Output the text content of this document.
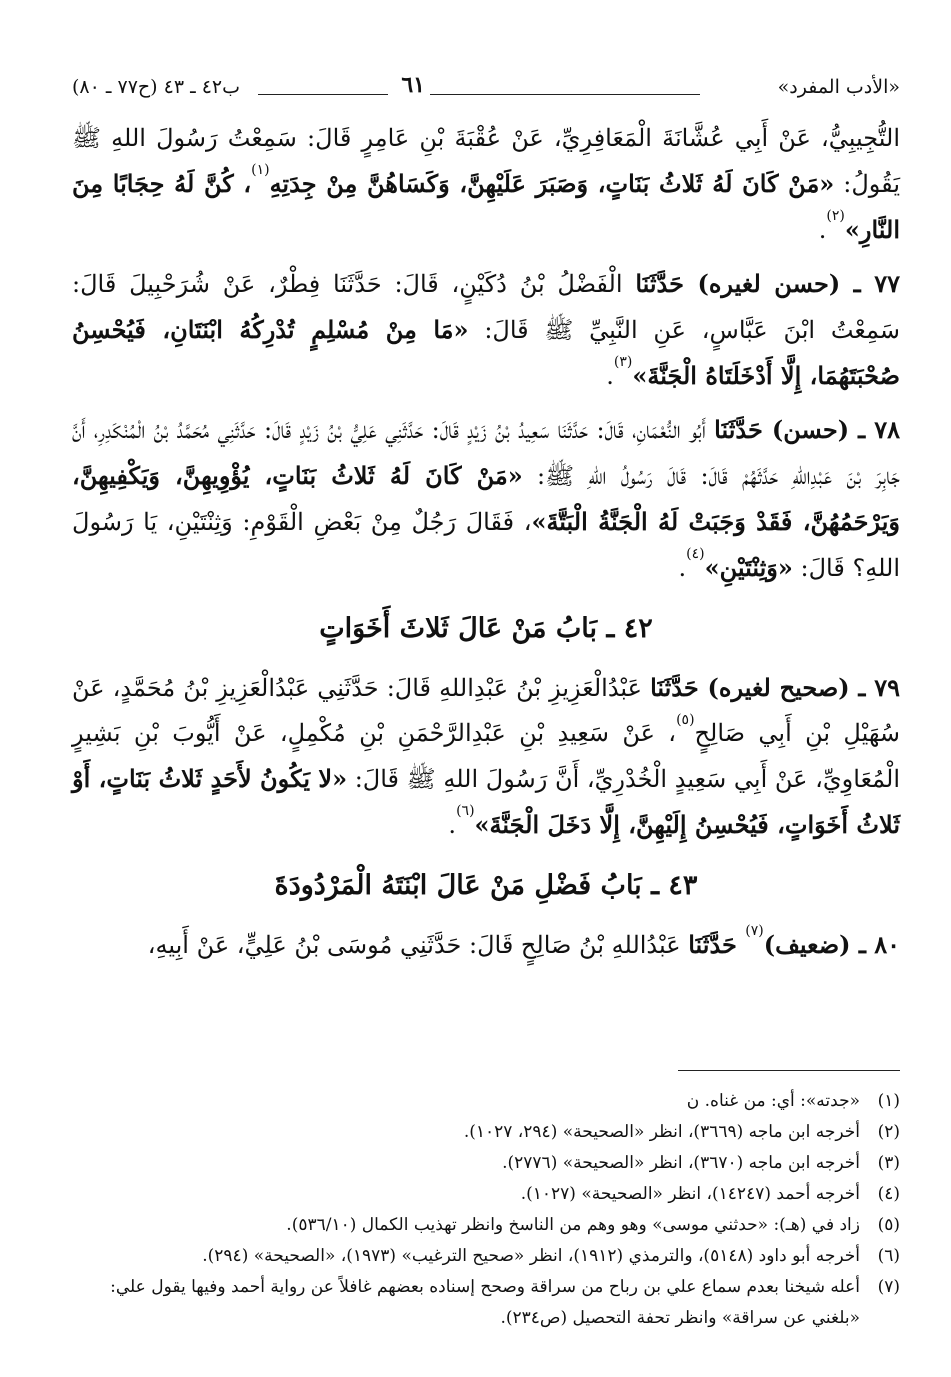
«الأدب المفرد»
٦١
ب٤٢ ـ ٤٣ (ح٧٧ ـ ٨٠)

التُّجِيبِيُّ، عَنْ أَبِي عُشَّانَةَ الْمَعَافِرِيِّ، عَنْ عُقْبَةَ بْنِ عَامِرٍ قَالَ: سَمِعْتُ رَسُولَ اللهِ ﷺ يَقُولُ: «مَنْ كَانَ لَهُ ثَلاثُ بَنَاتٍ، وَصَبَرَ عَلَيْهِنَّ، وَكَسَاهُنَّ مِنْ جِدَتِهِ$^{(١)}$، كُنَّ لَهُ حِجَابًا مِنَ النَّارِ»$^{(٢)}$.

٧٧ ـ (حسن لغيره) حَدَّثَنَا الْفَضْلُ بْنُ دُكَيْنٍ، قَالَ: حَدَّثَنَا فِطْرٌ، عَنْ شُرَحْبِيلَ قَالَ: سَمِعْتُ ابْنَ عَبَّاسٍ، عَنِ النَّبِيِّ ﷺ قَالَ: «مَا مِنْ مُسْلِمٍ تُدْرِكُهُ ابْنَتَانِ، فَيُحْسِنُ صُحْبَتَهُمَا، إِلَّا أَدْخَلَتَاهُ الْجَنَّةَ»$^{(٣)}$.

٧٨ ـ (حسن) حَدَّثَنَا أَبُو النُّعْمَانِ، قَالَ: حَدَّثَنَا سَعِيدُ بْنُ زَيْدٍ قَالَ: حَدَّثَنِي عَلِيُّ بْنُ زَيْدٍ قَالَ: حَدَّثَنِي مُحَمَّدُ بْنُ الْمُنْكَدِرِ، أَنَّ جَابِرَ بْنَ عَبْدِاللهِ حَدَّثَهُمْ قَالَ: قَالَ رَسُولُ اللهِ ﷺ: «مَنْ كَانَ لَهُ ثَلاثُ بَنَاتٍ، يُؤْوِيهِنَّ، وَيَكْفِيهِنَّ، وَيَرْحَمُهُنَّ، فَقَدْ وَجَبَتْ لَهُ الْجَنَّةُ الْبَتَّةَ»، فَقَالَ رَجُلٌ مِنْ بَعْضِ الْقَوْمِ: وَثِنْتَيْنِ، يَا رَسُولَ اللهِ؟ قَالَ: «وَثِنْتَيْنِ»$^{(٤)}$.

٤٢ ـ بَابُ مَنْ عَالَ ثَلاثَ أَخَوَاتٍ

٧٩ ـ (صحيح لغيره) حَدَّثَنَا عَبْدُالْعَزِيزِ بْنُ عَبْدِاللهِ قَالَ: حَدَّثَنِي عَبْدُالْعَزِيزِ بْنُ مُحَمَّدٍ، عَنْ سُهَيْلِ بْنِ أَبِي صَالِحٍ$^{(٥)}$، عَنْ سَعِيدِ بْنِ عَبْدِالرَّحْمَنِ بْنِ مُكْمِلٍ، عَنْ أَيُّوبَ بْنِ بَشِيرٍ الْمُعَاوِيِّ، عَنْ أَبِي سَعِيدٍ الْخُدْرِيِّ، أَنَّ رَسُولَ اللهِ ﷺ قَالَ: «لا يَكُونُ لأَحَدٍ ثَلاثُ بَنَاتٍ، أَوْ ثَلاثُ أَخَوَاتٍ، فَيُحْسِنُ إِلَيْهِنَّ، إِلَّا دَخَلَ الْجَنَّةَ»$^{(٦)}$.

٤٣ ـ بَابُ فَضْلِ مَنْ عَالَ ابْنَتَهُ الْمَرْدُودَةَ

٨٠ ـ (ضعيف)$^{(٧)}$ حَدَّثَنَا عَبْدُاللهِ بْنُ صَالِحٍ قَالَ: حَدَّثَنِي مُوسَى بْنُ عَلِيٍّ، عَنْ أَبِيهِ،

(١)
«جدته»: أي: من غناه. ن
(٢)
أخرجه ابن ماجه (٣٦٦٩)، انظر «الصحيحة» (٢٩٤، ١٠٢٧).
(٣)
أخرجه ابن ماجه (٣٦٧٠)، انظر «الصحيحة» (٢٧٧٦).
(٤)
أخرجه أحمد (١٤٢٤٧)، انظر «الصحيحة» (١٠٢٧).
(٥)
زاد في (هـ): «حدثني موسى» وهو وهم من الناسخ وانظر تهذيب الكمال (٥٣٦/١٠).
(٦)
أخرجه أبو داود (٥١٤٨)، والترمذي (١٩١٢)، انظر «صحيح الترغيب» (١٩٧٣)، «الصحيحة» (٢٩٤).
(٧)
أعله شيخنا بعدم سماع علي بن رباح من سراقة وصحح إسناده بعضهم غافلاً عن رواية أحمد وفيها يقول علي: «بلغني عن سراقة» وانظر تحفة التحصيل (ص٢٣٤).
